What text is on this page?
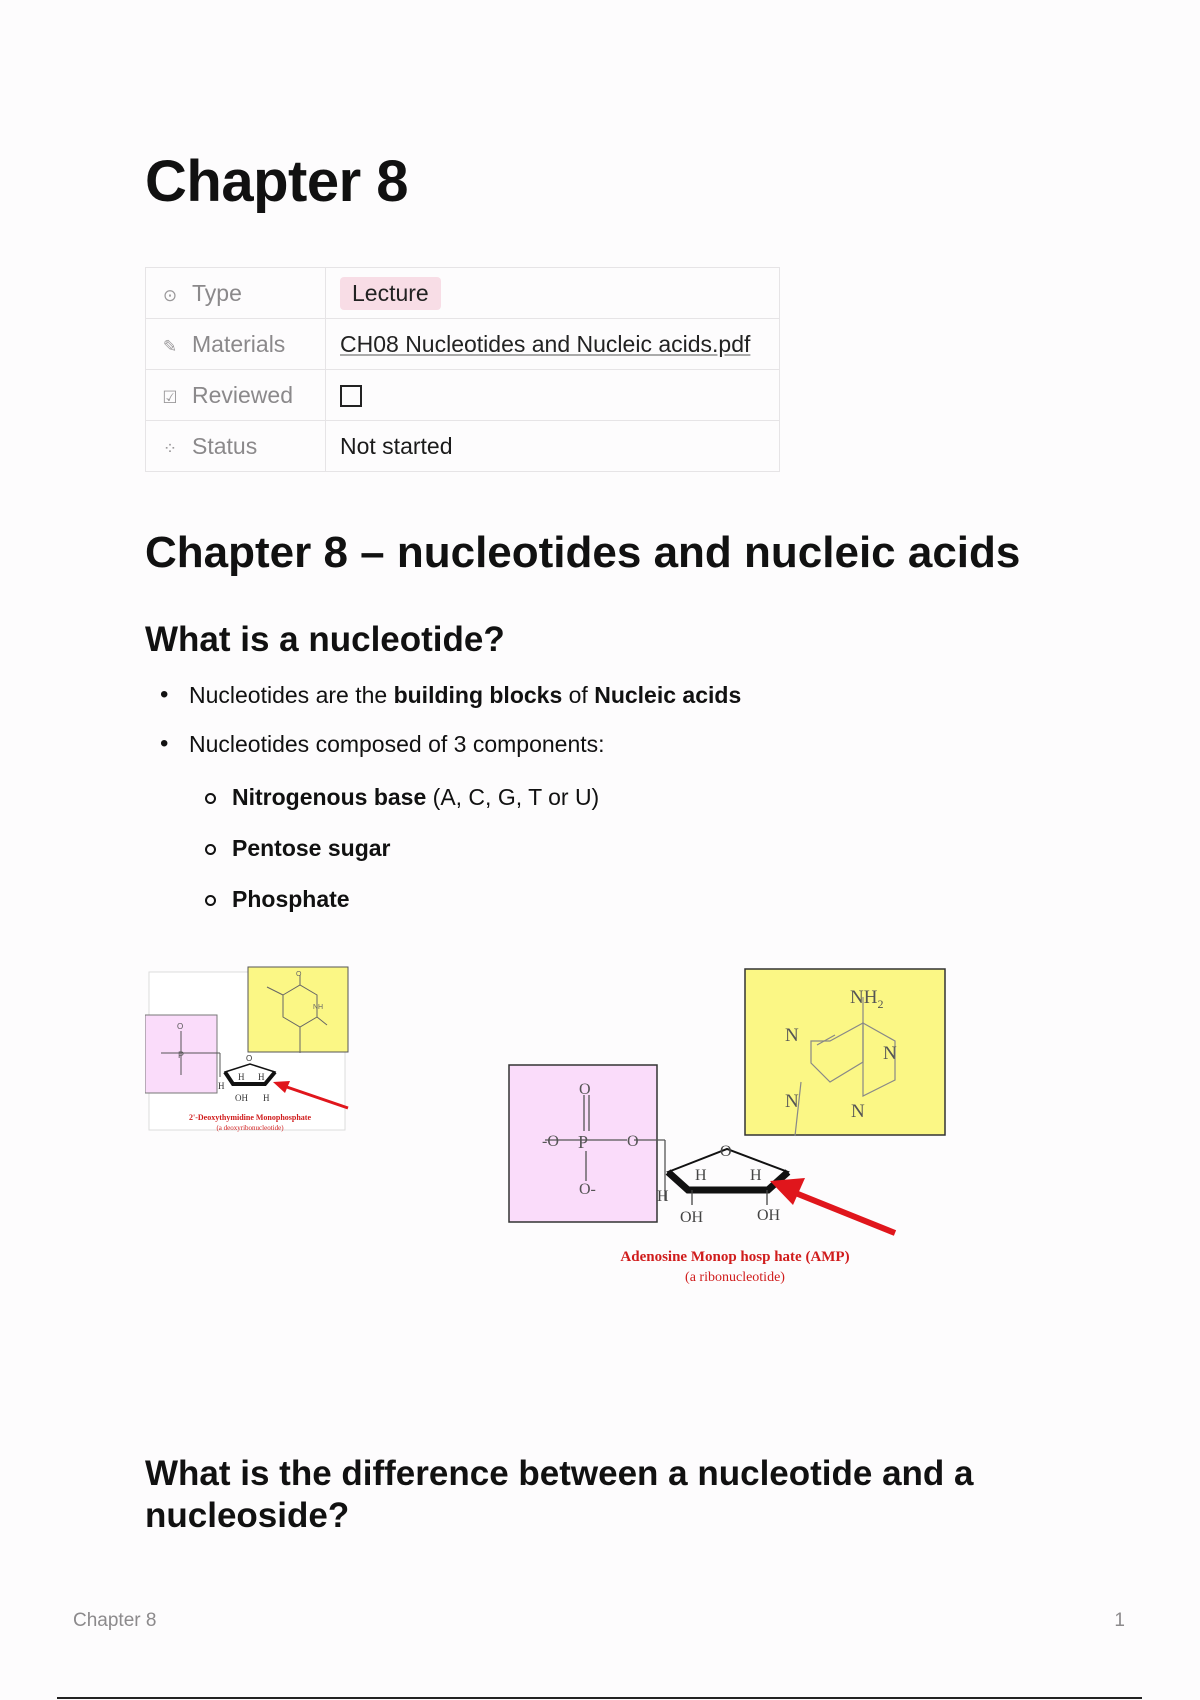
Chapter 8
⊙ Type	Lecture
✎ Materials	CH08 Nucleotides and Nucleic acids.pdf
☑ Reviewed	
⁘ Status	Not started
Chapter 8 – nucleotides and nucleic acids
What is a nucleotide?
• Nucleotides are the building blocks of Nucleic acids
• Nucleotides composed of 3 components:
Nitrogenous base (A, C, G, T or U)
Pentose sugar
Phosphate
O
NH
P
O
O
H H
H
OH H
2'-Deoxythymidine Monophosphate
(a deoxyribonucleotide)
$NH_2$
N
N
N	N
P
O
-O	O
O-
O
H	H
H
OH	OH
Adenosine Monop hosp hate (AMP)
(a ribonucleotide)
What is the difference between a nucleotide and a
nucleoside?
Chapter 8	1
